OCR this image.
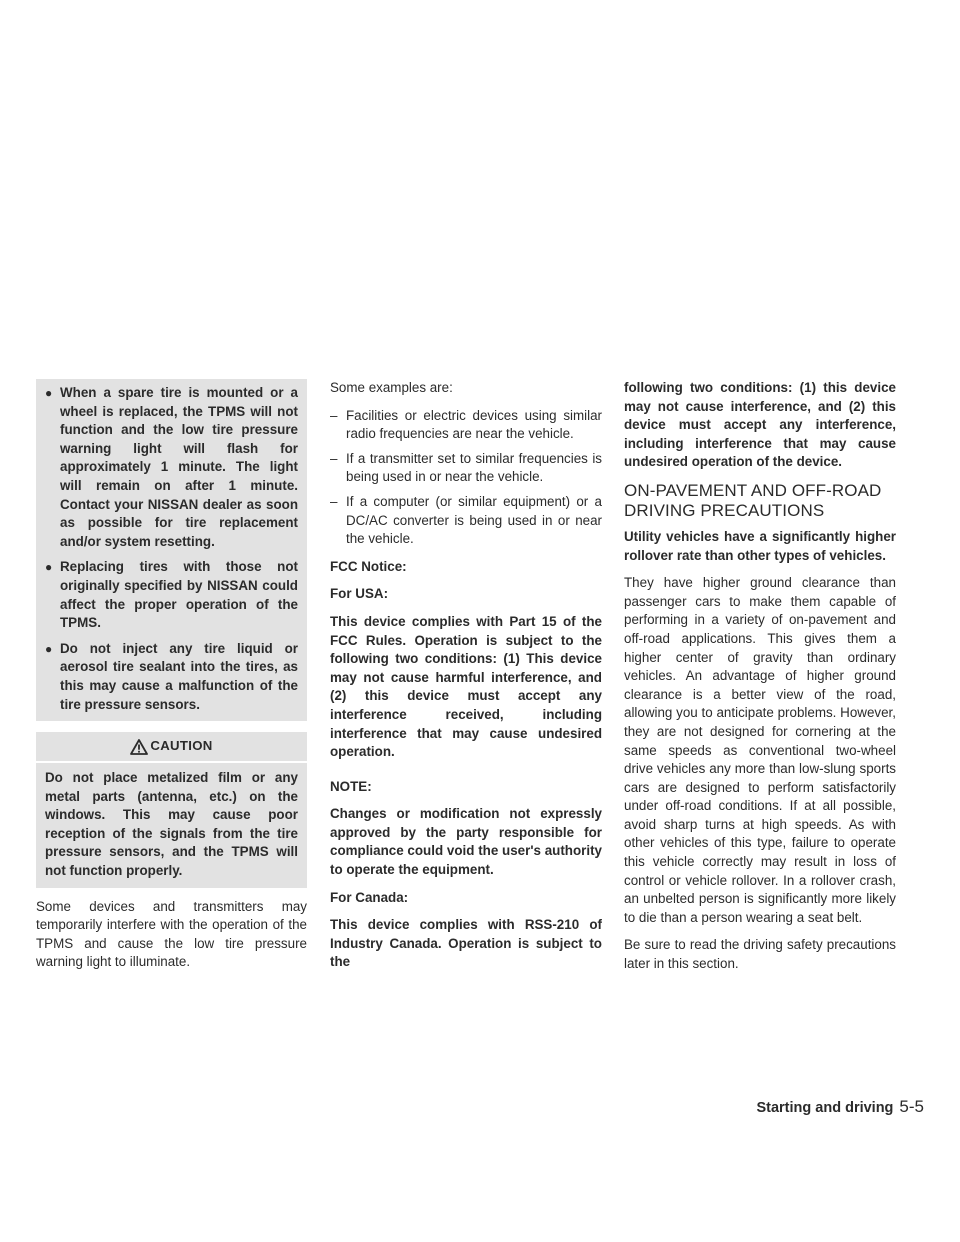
● When a spare tire is mounted or a wheel is replaced, the TPMS will not function and the low tire pressure warning light will flash for approximately 1 minute. The light will remain on after 1 minute. Contact your NISSAN dealer as soon as possible for tire replacement and/or system resetting.
● Replacing tires with those not originally specified by NISSAN could affect the proper operation of the TPMS.
● Do not inject any tire liquid or aerosol tire sealant into the tires, as this may cause a malfunction of the tire pressure sensors.
CAUTION
Do not place metalized film or any metal parts (antenna, etc.) on the windows. This may cause poor reception of the signals from the tire pressure sensors, and the TPMS will not function properly.

Some devices and transmitters may temporarily interfere with the operation of the TPMS and cause the low tire pressure warning light to illuminate.

Some examples are:

– Facilities or electric devices using similar radio frequencies are near the vehicle.
– If a transmitter set to similar frequencies is being used in or near the vehicle.
– If a computer (or similar equipment) or a DC/AC converter is being used in or near the vehicle.

FCC Notice:

For USA:

This device complies with Part 15 of the FCC Rules. Operation is subject to the following two conditions: (1) This device may not cause harmful interference, and (2) this device must accept any interference received, including interference that may cause undesired operation.

NOTE:

Changes or modification not expressly approved by the party responsible for compliance could void the user's authority to operate the equipment.

For Canada:

This device complies with RSS-210 of Industry Canada. Operation is subject to the

following two conditions: (1) this device may not cause interference, and (2) this device must accept any interference, including interference that may cause undesired operation of the device.

ON-PAVEMENT AND OFF-ROAD DRIVING PRECAUTIONS

Utility vehicles have a significantly higher rollover rate than other types of vehicles.

They have higher ground clearance than passenger cars to make them capable of performing in a variety of on-pavement and off-road applications. This gives them a higher center of gravity than ordinary vehicles. An advantage of higher ground clearance is a better view of the road, allowing you to anticipate problems. However, they are not designed for cornering at the same speeds as conventional two-wheel drive vehicles any more than low-slung sports cars are designed to perform satisfactorily under off-road conditions. If at all possible, avoid sharp turns at high speeds. As with other vehicles of this type, failure to operate this vehicle correctly may result in loss of control or vehicle rollover. In a rollover crash, an unbelted person is significantly more likely to die than a person wearing a seat belt.

Be sure to read the driving safety precautions later in this section.

Starting and driving 5-5
